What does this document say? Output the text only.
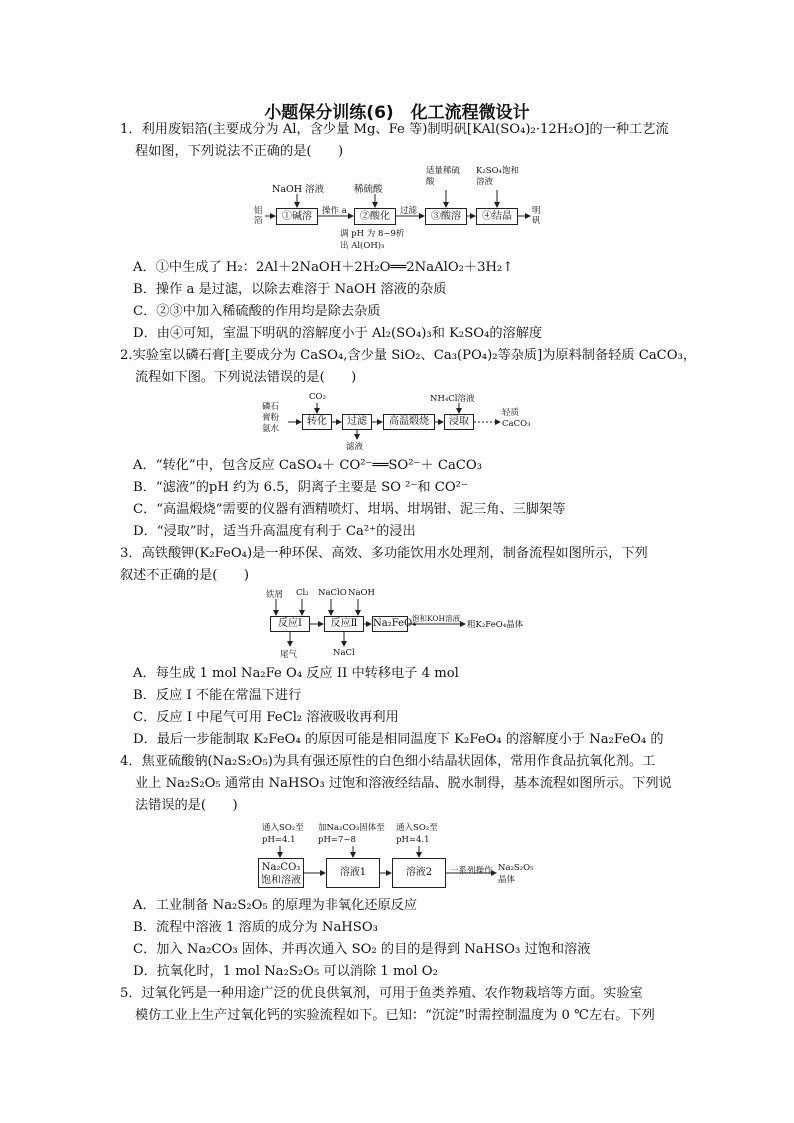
小题保分训练(6)　化工流程微设计
1．利用废铝箔(主要成分为 Al，含少量 Mg、Fe 等)制明矾[KAl(SO₄)₂·12H₂O]的一种工艺流
程如图，下列说法不正确的是(　　)
铝箔
NaOH 溶液	稀硫酸
适量稀硫酸
K₂SO₄饱和溶液
①碱溶	②酸化	③酸溶	④结晶
操作 a	过滤
调 pH 为 8~9析出 Al(OH)₃
明矾
A．①中生成了 H₂：2Al＋2NaOH＋2H₂O══2NaAlO₂＋3H₂↑
B．操作 a 是过滤，以除去难溶于 NaOH 溶液的杂质
C．②③中加入稀硫酸的作用均是除去杂质
D．由④可知，室温下明矾的溶解度小于 Al₂(SO₄)₃和 K₂SO₄的溶解度
2.实验室以磷石膏[主要成分为 CaSO₄,含少量 SiO₂、Ca₃(PO₄)₂等杂质]为原料制备轻质 CaCO₃，
流程如下图。下列说法错误的是(　　)
磷石膏粉氨水
CO₂	NH₄Cl溶液
转化	过滤	高温煅烧	浸取
滤液
轻质CaCO₃
A．“转化”中，包含反应 CaSO₄＋ CO²⁻══SO²⁻＋ CaCO₃
B．“滤液”的pH 约为 6.5，阴离子主要是 SO ²⁻和 CO²⁻
C．“高温煅烧”需要的仪器有酒精喷灯、坩埚、坩埚钳、泥三角、三脚架等
D．“浸取”时，适当升高温度有利于 Ca²⁺的浸出
3．高铁酸钾(K₂FeO₄)是一种环保、高效、多功能饮用水处理剂，制备流程如图所示，下列
叙述不正确的是(　　)
铁屑 Cl₂ NaClO NaOH
反应Ⅰ	反应Ⅱ	Na₂FeO₄
饱和KOH溶液
粗K₂FeO₄晶体
尾气	NaCl
A．每生成 1 mol Na₂Fe O₄ 反应 II 中转移电子 4 mol
B．反应 I 不能在常温下进行
C．反应 I 中尾气可用 FeCl₂ 溶液吸收再利用
D．最后一步能制取 K₂FeO₄ 的原因可能是相同温度下 K₂FeO₄ 的溶解度小于 Na₂FeO₄ 的
4．焦亚硫酸钠(Na₂S₂O₅)为具有强还原性的白色细小结晶状固体，常用作食品抗氧化剂。工
业上 Na₂S₂O₅ 通常由 NaHSO₃ 过饱和溶液经结晶、脱水制得，基本流程如图所示。下列说
法错误的是(　　)
通入SO₂至pH=4.1
加Na₂CO₃固体至pH=7~8
通入SO₂至pH=4.1
Na₂CO₃饱和溶液
溶液1	溶液2	一系列操作 Na₂S₂O₅晶体
A．工业制备 Na₂S₂O₅ 的原理为非氧化还原反应
B．流程中溶液 1 溶质的成分为 NaHSO₃
C．加入 Na₂CO₃ 固体、并再次通入 SO₂ 的目的是得到 NaHSO₃ 过饱和溶液
D．抗氧化时，1 mol Na₂S₂O₅ 可以消除 1 mol O₂
5．过氧化钙是一种用途广泛的优良供氧剂，可用于鱼类养殖、农作物栽培等方面。实验室
模仿工业上生产过氧化钙的实验流程如下。已知：“沉淀”时需控制温度为 0 ℃左右。下列
